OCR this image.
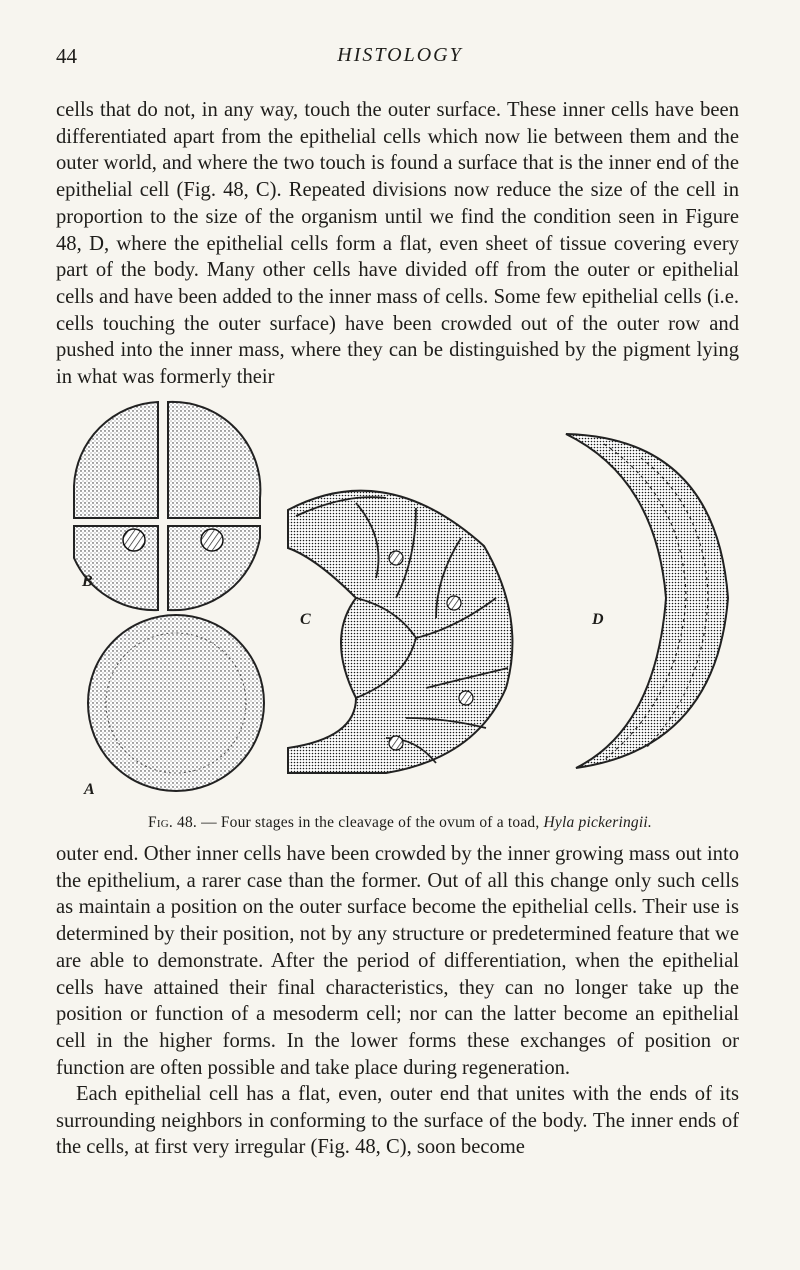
44	HISTOLOGY

cells that do not, in any way, touch the outer surface. These inner cells have been differentiated apart from the epithelial cells which now lie between them and the outer world, and where the two touch is found a surface that is the inner end of the epithelial cell (Fig. 48, C). Repeated divisions now reduce the size of the cell in proportion to the size of the organism until we find the condition seen in Figure 48, D, where the epithelial cells form a flat, even sheet of tissue covering every part of the body. Many other cells have divided off from the outer or epithelial cells and have been added to the inner mass of cells. Some few epithelial cells (i.e. cells touching the outer surface) have been crowded out of the outer row and pushed into the inner mass, where they can be distinguished by the pigment lying in what was formerly their

B
A
C	D
Fig. 48. — Four stages in the cleavage of the ovum of a toad, Hyla pickeringii.

outer end. Other inner cells have been crowded by the inner growing mass out into the epithelium, a rarer case than the former. Out of all this change only such cells as maintain a position on the outer surface become the epithelial cells. Their use is determined by their position, not by any structure or predetermined feature that we are able to demonstrate. After the period of differentiation, when the epithelial cells have attained their final characteristics, they can no longer take up the position or function of a mesoderm cell; nor can the latter become an epithelial cell in the higher forms. In the lower forms these exchanges of position or function are often possible and take place during regeneration.

Each epithelial cell has a flat, even, outer end that unites with the ends of its surrounding neighbors in conforming to the surface of the body. The inner ends of the cells, at first very irregular (Fig. 48, C), soon become
